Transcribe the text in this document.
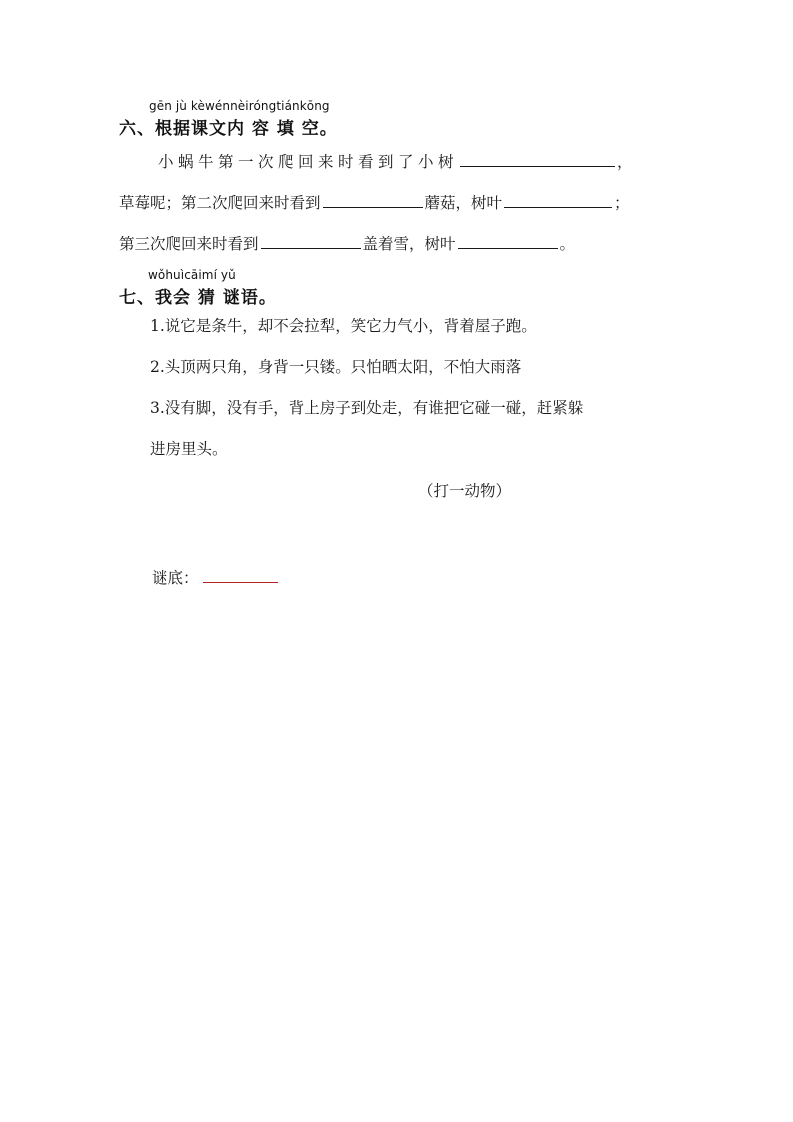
gēn jù kèwénnèiróngtiánkōng
六、根据课文内 容 填 空。
小蜗牛第一次爬回来时看到了小树	，
草莓呢；第二次爬回来时看到	蘑菇，树叶	；
第三次爬回来时看到	盖着雪，树叶	。
wǒhuìcāimí yǔ
七、我会 猜 谜语。
1.说它是条牛，却不会拉犁，笑它力气小，背着屋子跑。
2.头顶两只角，身背一只镂。只怕晒太阳，不怕大雨落
3.没有脚，没有手，背上房子到处走，有谁把它碰一碰，赶紧躲
进房里头。
（打一动物）
谜底：
